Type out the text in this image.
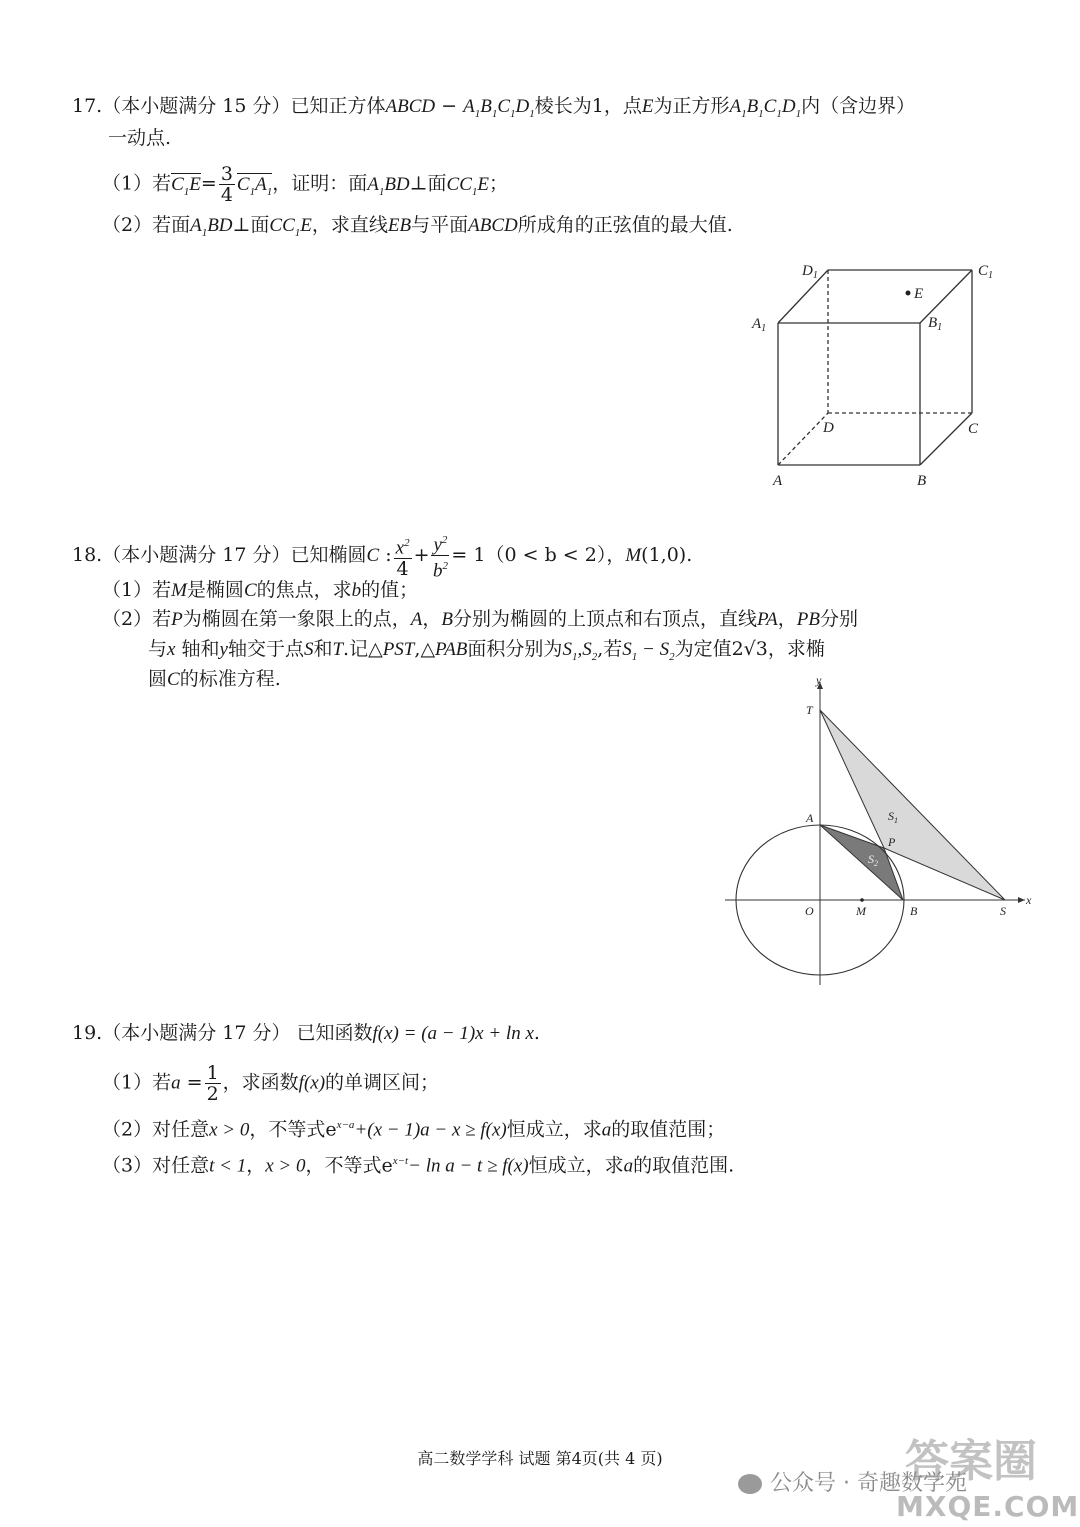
17.（本小题满分 15 分）已知正方体ABCD − $A_1B_1C_1D_1$棱长为1，点E为正方形$A_1B_1C_1D_1$内（含边界）
一动点.
（1）若$C_1E= \frac{3}{4} C_1A_1$，证明：面$A_1BD\perp$面$CC_1E$；
（2）若面$A_1BD\perp$面$CC_1E$，求直线EB与平面ABCD所成角的正弦值的最大值.
$D_1$	$C_1$
$A_1$	$B_1$
E
D	C
A	B
18.（本小题满分 17 分）已知椭圆C : $\frac{x^2}{4} + \frac{y^2}{b^2} = 1(0 < b < 2)$，M(1,0).
（1）若M是椭圆C的焦点，求b的值；
（2）若P为椭圆在第一象限上的点，A，B分别为椭圆的上顶点和右顶点，直线PA，PB分别
与x 轴和y轴交于点S和T.记△PST,△PAB面积分别为$S_1,S_2$,若$S_1 - S_2$为定值2√3，求椭
圆C的标准方程.	y
x
T
A
P
$S_1$
$S_2$
O	M	B	S
19.（本小题满分 17 分） 已知函数f(x) = (a − 1)x + ln x.
（1）若$a = \frac{1}{2}$ ，求函数f(x)的单调区间；
（2）对任意x > 0，不等式$e^{x-a}+(x - 1)a - x \ge f(x)$恒成立，求a的取值范围；
（3）对任意t < 1，x > 0，不等式$e^{x-t}- \ln a - t \ge f(x)$恒成立，求a的取值范围.
高二数学学科 试题 第4页(共 4 页)	答案圈
公众号 · 奇趣数学苑
MXQE.COM
